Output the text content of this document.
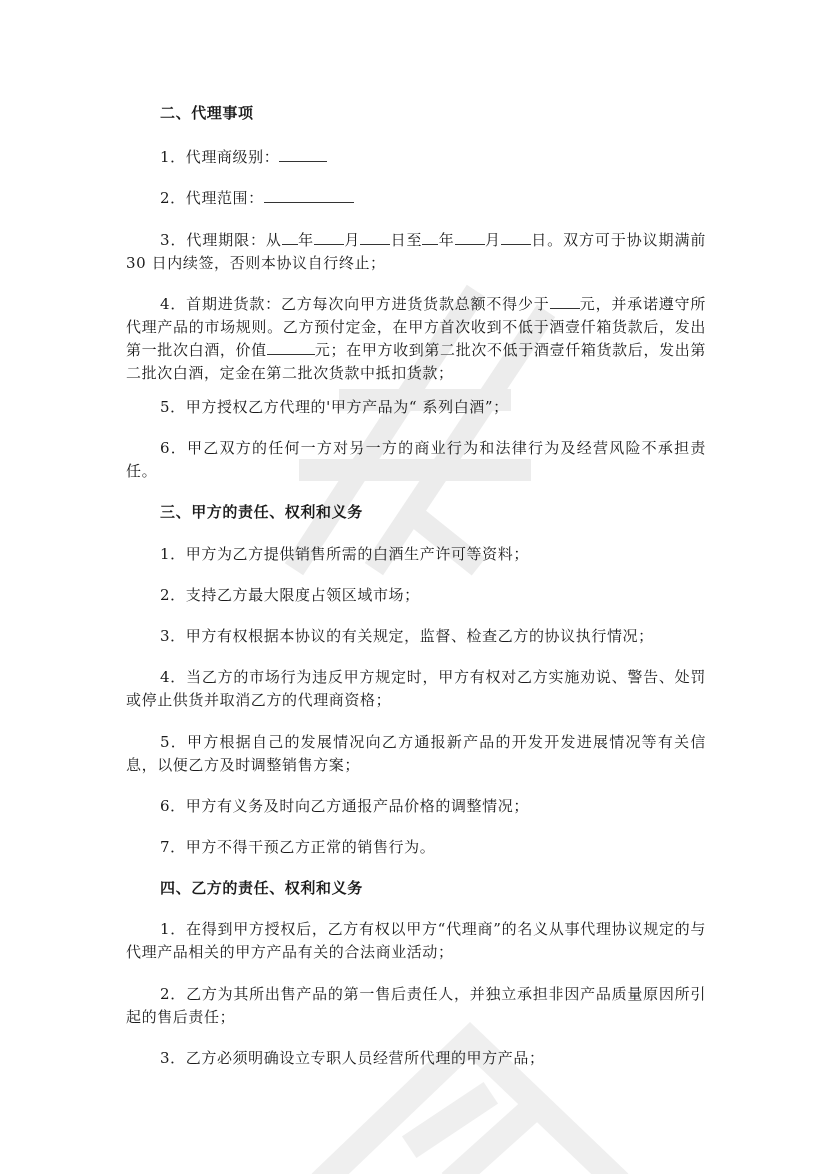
二、代理事项
1．代理商级别：
2．代理范围：
3．代理期限：从 年 月 日至 年 月 日。双方可于协议期满前 30 日内续签，否则本协议自行终止；
4．首期进货款：乙方每次向甲方进货货款总额不得少于 元，并承诺遵守所代理产品的市场规则。乙方预付定金，在甲方首次收到不低于酒壹仟箱货款后，发出第一批次白酒，价值	元；在甲方收到第二批次不低于酒壹仟箱货款后，发出第二批次白酒，定金在第二批次货款中抵扣货款；
5．甲方授权乙方代理的'甲方产品为“ 系列白酒”；
6．甲乙双方的任何一方对另一方的商业行为和法律行为及经营风险不承担责任。
三、甲方的责任、权利和义务
1．甲方为乙方提供销售所需的白酒生产许可等资料；
2．支持乙方最大限度占领区域市场；
3．甲方有权根据本协议的有关规定，监督、检查乙方的协议执行情况；
4．当乙方的市场行为违反甲方规定时，甲方有权对乙方实施劝说、警告、处罚或停止供货并取消乙方的代理商资格；
5．甲方根据自己的发展情况向乙方通报新产品的开发开发进展情况等有关信息，以便乙方及时调整销售方案；
6．甲方有义务及时向乙方通报产品价格的调整情况；
7．甲方不得干预乙方正常的销售行为。
四、乙方的责任、权利和义务
1．在得到甲方授权后，乙方有权以甲方“代理商”的名义从事代理协议规定的与代理产品相关的甲方产品有关的合法商业活动；
2．乙方为其所出售产品的第一售后责任人，并独立承担非因产品质量原因所引起的售后责任；
3．乙方必须明确设立专职人员经营所代理的甲方产品；
